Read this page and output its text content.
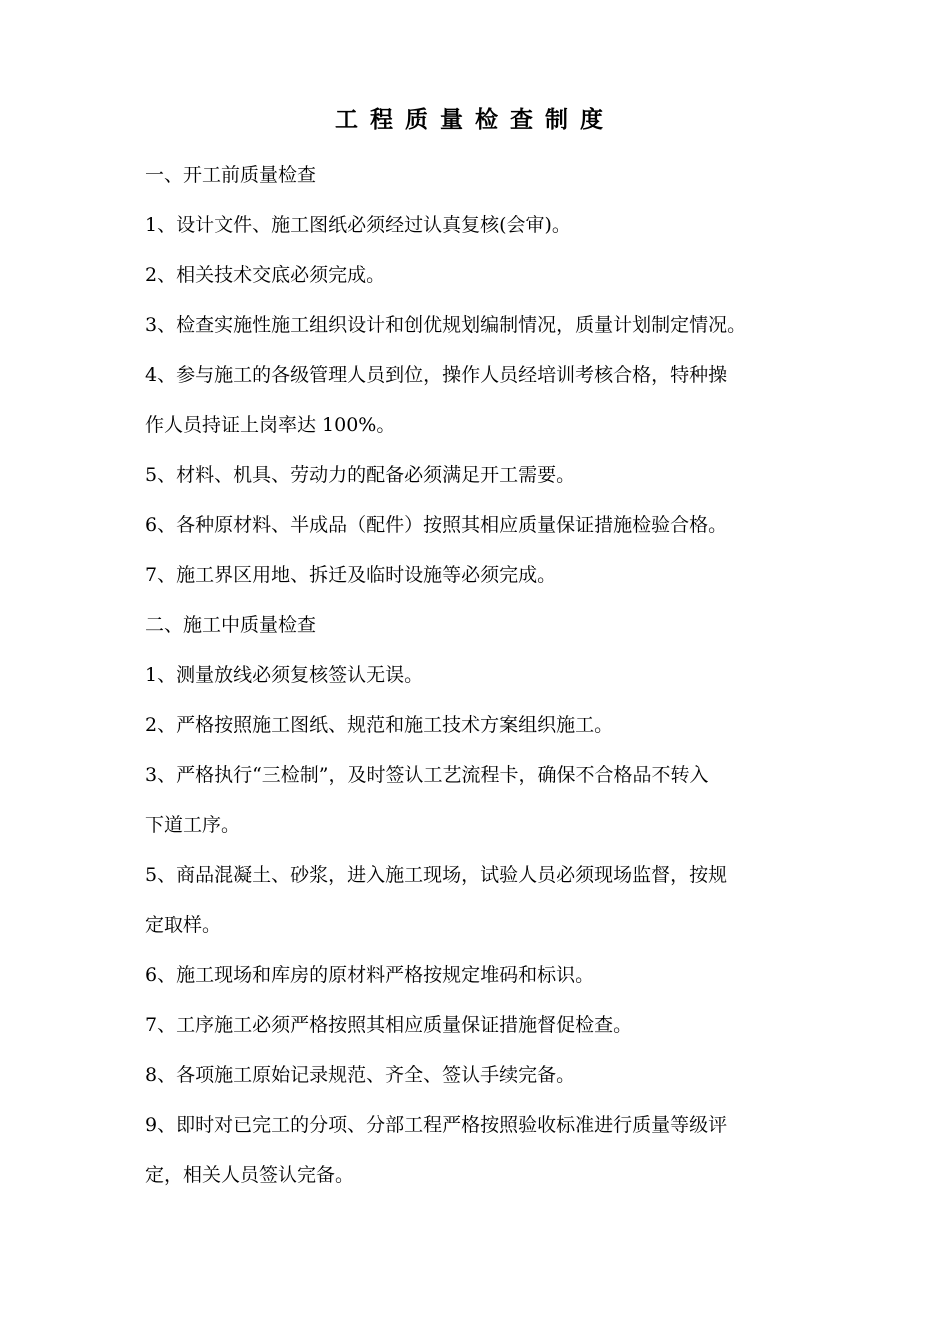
工程质量检查制度
一、开工前质量检查
1、设计文件、施工图纸必须经过认真复核(会审)。
2、相关技术交底必须完成。
3、检查实施性施工组织设计和创优规划编制情况，质量计划制定情况。
4、参与施工的各级管理人员到位，操作人员经培训考核合格，特种操
作人员持证上岗率达 100%。
5、材料、机具、劳动力的配备必须满足开工需要。
6、各种原材料、半成品（配件）按照其相应质量保证措施检验合格。
7、施工界区用地、拆迁及临时设施等必须完成。
二、施工中质量检查
1、测量放线必须复核签认无误。
2、严格按照施工图纸、规范和施工技术方案组织施工。
3、严格执行“三检制”，及时签认工艺流程卡，确保不合格品不转入
下道工序。
5、商品混凝土、砂浆，进入施工现场，试验人员必须现场监督，按规
定取样。
6、施工现场和库房的原材料严格按规定堆码和标识。
7、工序施工必须严格按照其相应质量保证措施督促检查。
8、各项施工原始记录规范、齐全、签认手续完备。
9、即时对已完工的分项、分部工程严格按照验收标准进行质量等级评
定，相关人员签认完备。
